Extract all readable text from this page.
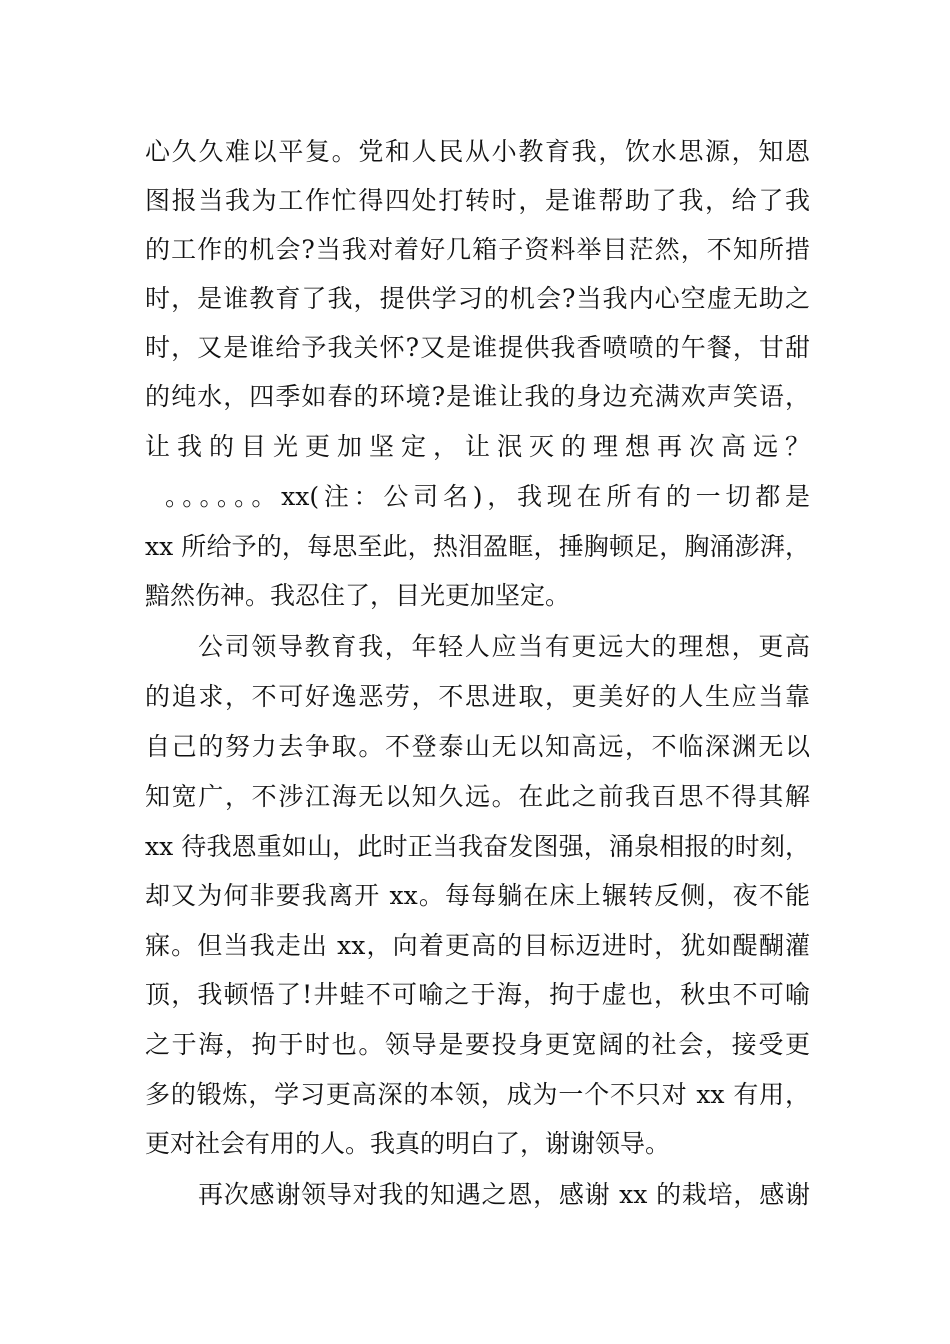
心久久难以平复。党和人民从小教育我，饮水思源，知恩
图报当我为工作忙得四处打转时，是谁帮助了我，给了我
的工作的机会?当我对着好几箱子资料举目茫然，不知所措
时，是谁教育了我，提供学习的机会?当我内心空虚无助之
时，又是谁给予我关怀?又是谁提供我香喷喷的午餐，甘甜
的纯水，四季如春的环境?是谁让我的身边充满欢声笑语，
让我的目光更加坚定，让泯灭的理想再次高远？
。。。。。。xx(注：公司名)，我现在所有的一切都是
xx 所给予的，每思至此，热泪盈眶，捶胸顿足，胸涌澎湃，
黯然伤神。我忍住了，目光更加坚定。
公司领导教育我，年轻人应当有更远大的理想，更高
的追求，不可好逸恶劳，不思进取，更美好的人生应当靠
自己的努力去争取。不登泰山无以知高远，不临深渊无以
知宽广，不涉江海无以知久远。在此之前我百思不得其解
xx 待我恩重如山，此时正当我奋发图强，涌泉相报的时刻，
却又为何非要我离开 xx。每每躺在床上辗转反侧，夜不能
寐。但当我走出 xx，向着更高的目标迈进时，犹如醍醐灌
顶，我顿悟了!井蛙不可喻之于海，拘于虚也，秋虫不可喻
之于海，拘于时也。领导是要投身更宽阔的社会，接受更
多的锻炼，学习更高深的本领，成为一个不只对 xx 有用，
更对社会有用的人。我真的明白了，谢谢领导。
再次感谢领导对我的知遇之恩，感谢 xx 的栽培，感谢
